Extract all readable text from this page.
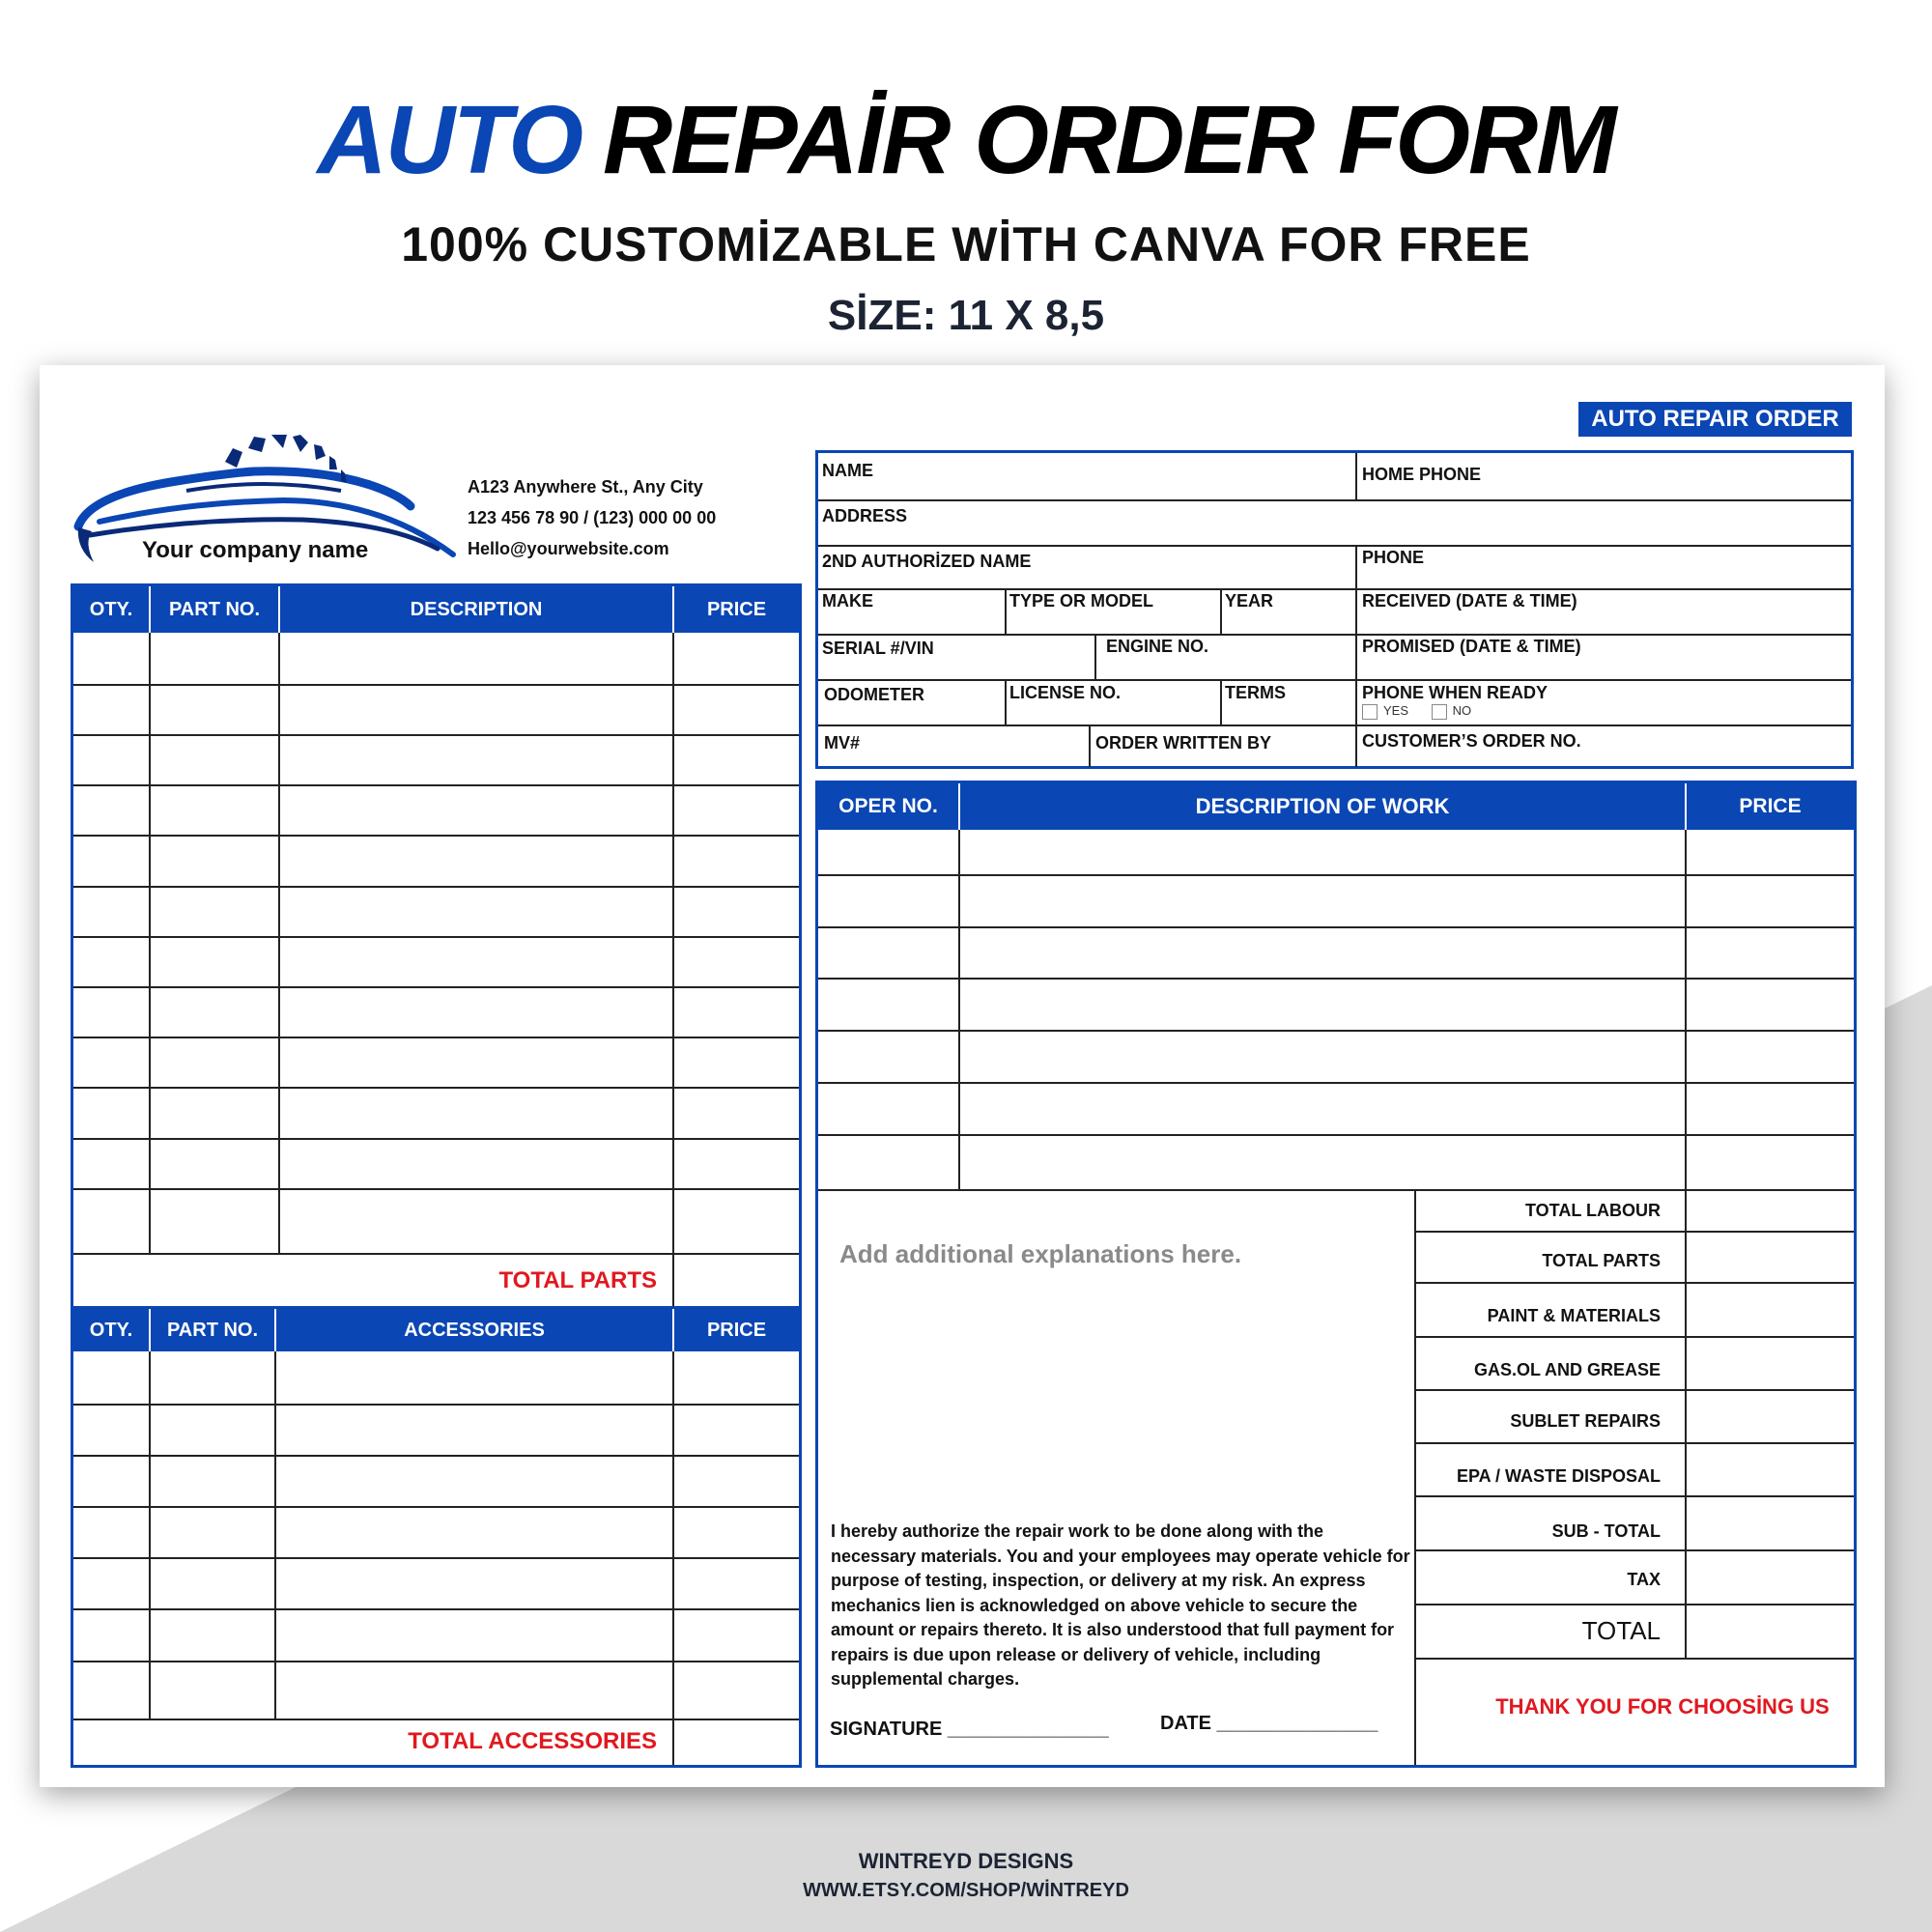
AUTO REPAİR ORDER FORM
100% CUSTOMİZABLE WİTH CANVA FOR FREE
SİZE: 11 X 8,5
Your company name
A123 Anywhere St., Any City
123 456 78 90 / (123) 000 00 00
Hello@yourwebsite.com
AUTO REPAIR ORDER
OTY.	PART NO.	DESCRIPTION	PRICE
TOTAL PARTS
OTY.	PART NO.	ACCESSORIES	PRICE
TOTAL ACCESSORIES
NAME	HOME PHONE
ADDRESS
2ND AUTHORİZED NAME	PHONE
MAKE	TYPE OR MODEL	YEAR	RECEIVED (DATE & TIME)
SERIAL #/VIN	ENGINE NO.	PROMISED (DATE & TIME)
ODOMETER	LICENSE NO.	TERMS	PHONE WHEN READY
YES	NO
MV#	ORDER WRITTEN BY	CUSTOMER’S ORDER NO.
OPER NO.	DESCRIPTION OF WORK	PRICE
Add additional explanations here.
I hereby authorize the repair work to be done along with the necessary materials. You and your employees may operate vehicle for purpose of testing, inspection, or delivery at my risk. An express mechanics lien is acknowledged on above vehicle to secure the amount or repairs thereto. It is also understood that full payment for repairs is due upon release or delivery of vehicle, including supplemental charges.
SIGNATURE _______________	DATE _______________
TOTAL LABOUR
TOTAL PARTS
PAINT & MATERIALS
GAS.OL AND GREASE
SUBLET REPAIRS
EPA / WASTE DISPOSAL
SUB - TOTAL
TAX
TOTAL
THANK YOU FOR CHOOSİNG US
WINTREYD DESIGNS
WWW.ETSY.COM/SHOP/WİNTREYD
